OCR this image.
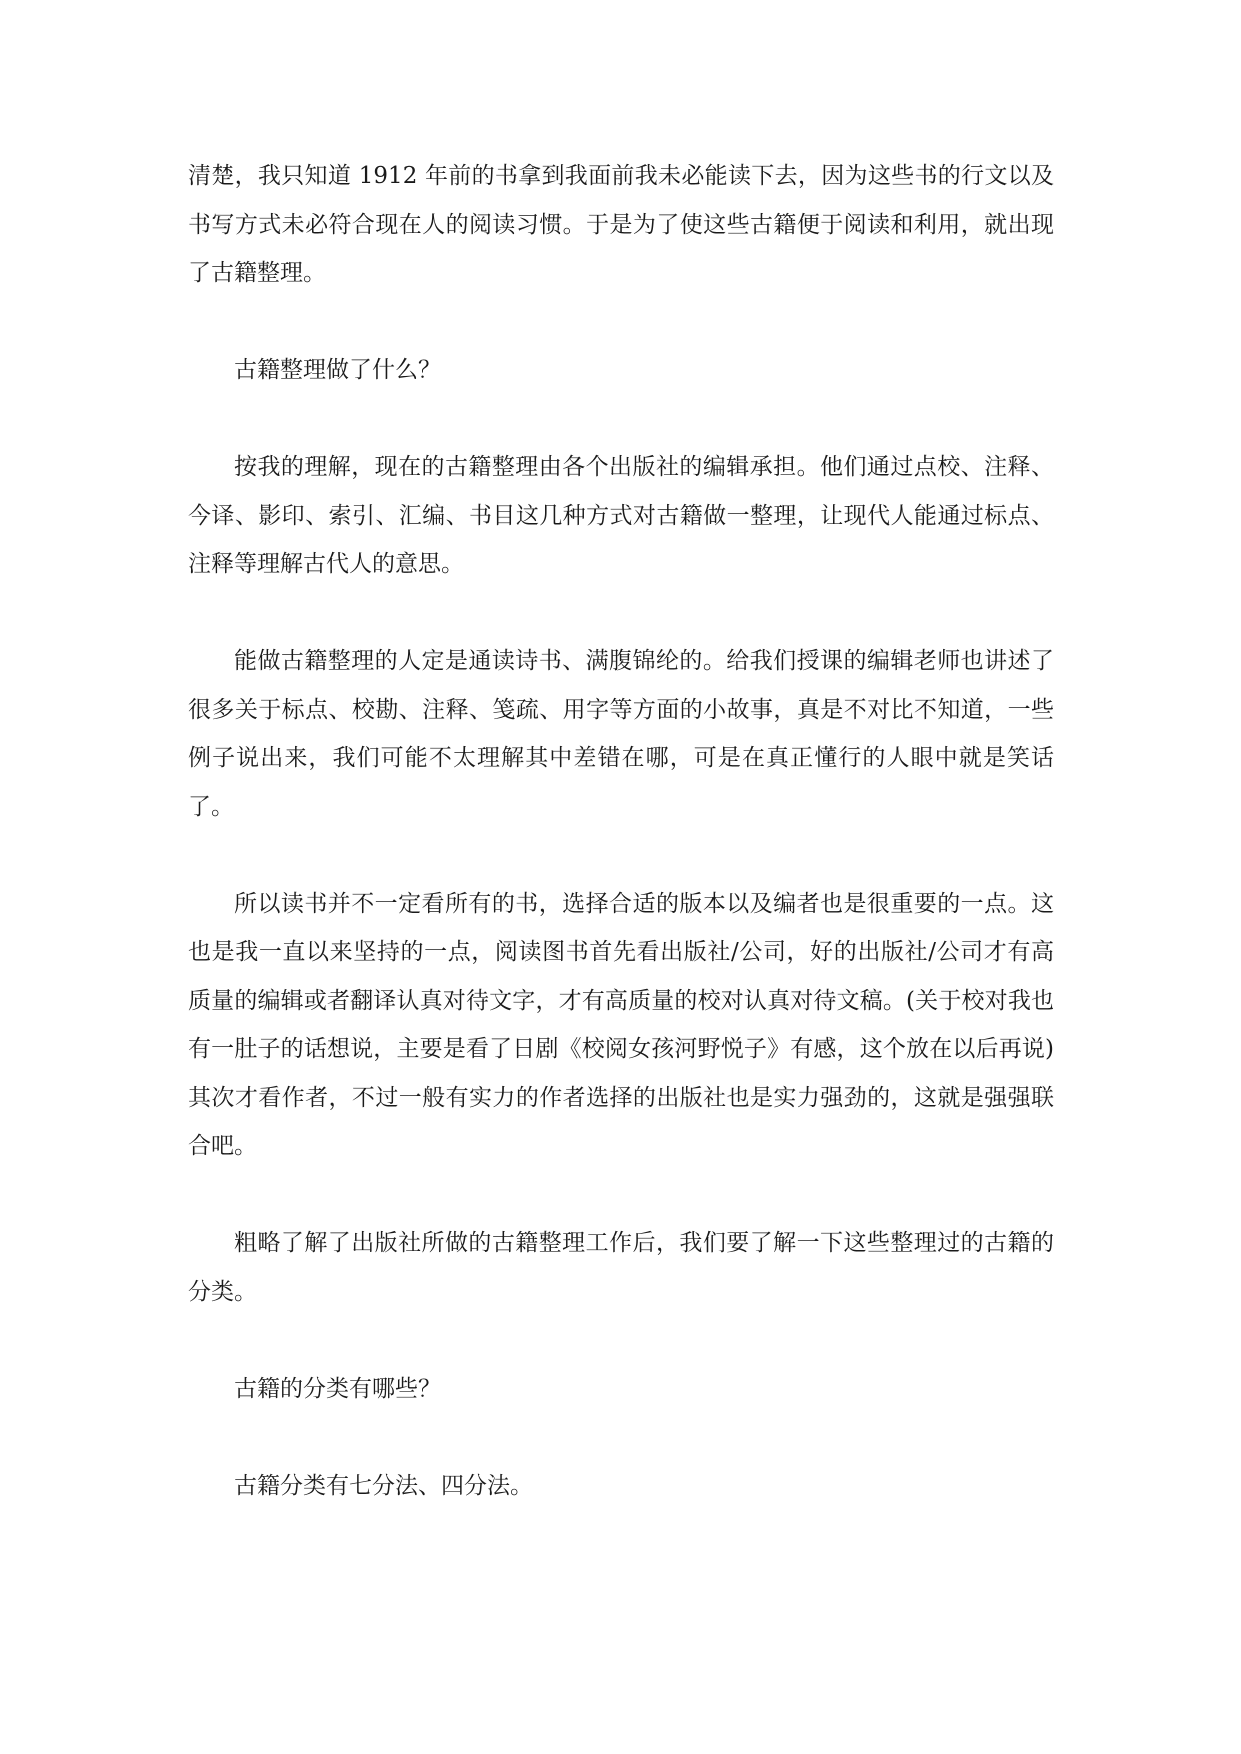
清楚，我只知道 1912 年前的书拿到我面前我未必能读下去，因为这些书的行文以及书写方式未必符合现在人的阅读习惯。于是为了使这些古籍便于阅读和利用，就出现了古籍整理。

古籍整理做了什么？

按我的理解，现在的古籍整理由各个出版社的编辑承担。他们通过点校、注释、今译、影印、索引、汇编、书目这几种方式对古籍做一整理，让现代人能通过标点、注释等理解古代人的意思。

能做古籍整理的人定是通读诗书、满腹锦纶的。给我们授课的编辑老师也讲述了很多关于标点、校勘、注释、笺疏、用字等方面的小故事，真是不对比不知道，一些例子说出来，我们可能不太理解其中差错在哪，可是在真正懂行的人眼中就是笑话了。

所以读书并不一定看所有的书，选择合适的版本以及编者也是很重要的一点。这也是我一直以来坚持的一点，阅读图书首先看出版社/公司，好的出版社/公司才有高质量的编辑或者翻译认真对待文字，才有高质量的校对认真对待文稿。(关于校对我也有一肚子的话想说，主要是看了日剧《校阅女孩河野悦子》有感，这个放在以后再说)其次才看作者，不过一般有实力的作者选择的出版社也是实力强劲的，这就是强强联合吧。

粗略了解了出版社所做的古籍整理工作后，我们要了解一下这些整理过的古籍的分类。

古籍的分类有哪些？

古籍分类有七分法、四分法。
